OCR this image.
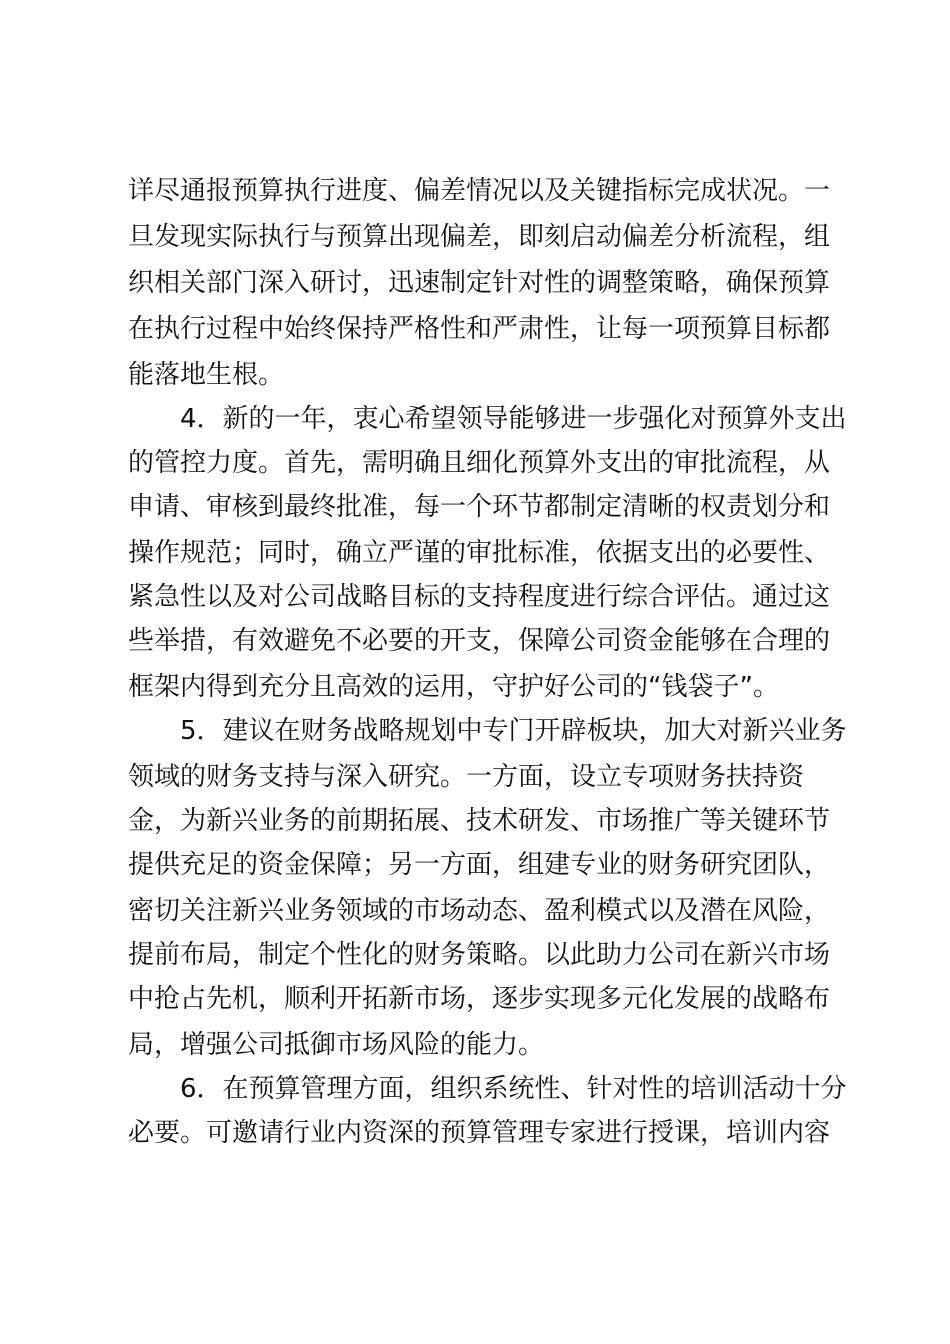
详尽通报预算执行进度、偏差情况以及关键指标完成状况。一
旦发现实际执行与预算出现偏差，即刻启动偏差分析流程，组
织相关部门深入研讨，迅速制定针对性的调整策略，确保预算
在执行过程中始终保持严格性和严肃性，让每一项预算目标都
能落地生根。
4．新的一年，衷心希望领导能够进一步强化对预算外支出
的管控力度。首先，需明确且细化预算外支出的审批流程，从
申请、审核到最终批准，每一个环节都制定清晰的权责划分和
操作规范；同时，确立严谨的审批标准，依据支出的必要性、
紧急性以及对公司战略目标的支持程度进行综合评估。通过这
些举措，有效避免不必要的开支，保障公司资金能够在合理的
框架内得到充分且高效的运用，守护好公司的“钱袋子”。
5．建议在财务战略规划中专门开辟板块，加大对新兴业务
领域的财务支持与深入研究。一方面，设立专项财务扶持资
金，为新兴业务的前期拓展、技术研发、市场推广等关键环节
提供充足的资金保障；另一方面，组建专业的财务研究团队，
密切关注新兴业务领域的市场动态、盈利模式以及潜在风险，
提前布局，制定个性化的财务策略。以此助力公司在新兴市场
中抢占先机，顺利开拓新市场，逐步实现多元化发展的战略布
局，增强公司抵御市场风险的能力。
6．在预算管理方面，组织系统性、针对性的培训活动十分
必要。可邀请行业内资深的预算管理专家进行授课，培训内容
